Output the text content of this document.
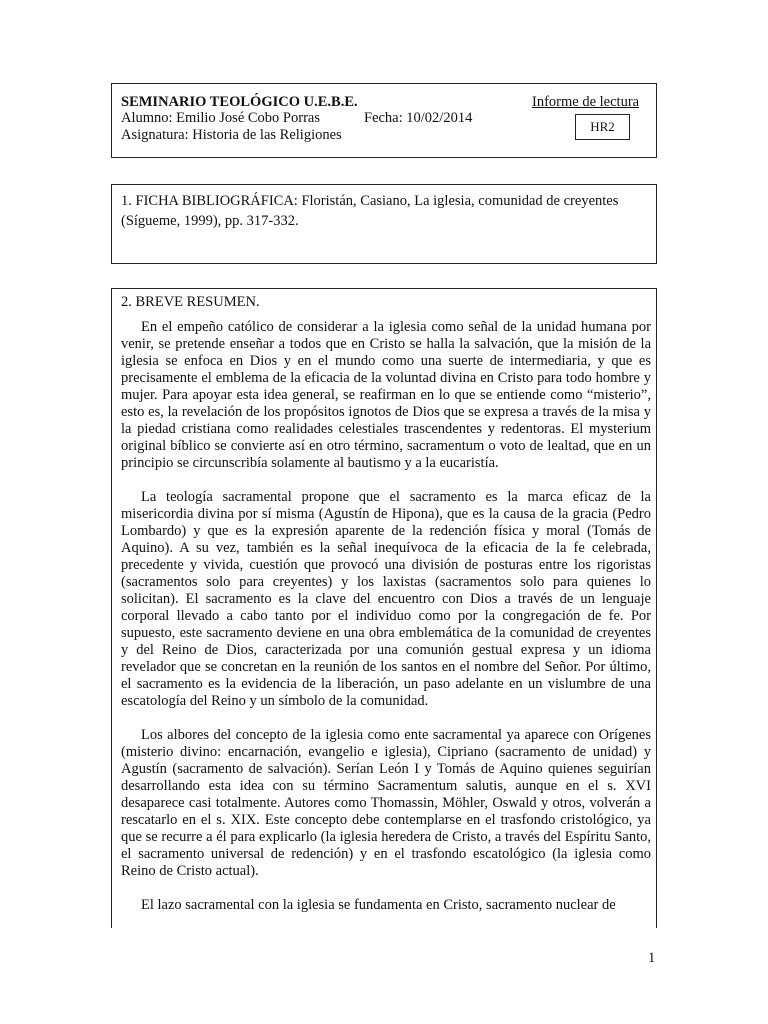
SEMINARIO TEOLÓGICO U.E.B.E.	Informe de lectura
Alumno: Emilio José Cobo Porras	Fecha: 10/02/2014
Asignatura: Historia de las Religiones
HR2
1. FICHA BIBLIOGRÁFICA: Floristán, Casiano, La iglesia, comunidad de creyentes (Sígueme, 1999), pp. 317-332.
2. BREVE RESUMEN.

En el empeño católico de considerar a la iglesia como señal de la unidad humana por venir, se pretende enseñar a todos que en Cristo se halla la salvación, que la misión de la iglesia se enfoca en Dios y en el mundo como una suerte de intermediaria, y que es precisamente el emblema de la eficacia de la voluntad divina en Cristo para todo hombre y mujer. Para apoyar esta idea general, se reafirman en lo que se entiende como “misterio”, esto es, la revelación de los propósitos ignotos de Dios que se expresa a través de la misa y la piedad cristiana como realidades celestiales trascendentes y redentoras. El mysterium original bíblico se convierte así en otro término, sacramentum o voto de lealtad, que en un principio se circunscribía solamente al bautismo y a la eucaristía.

La teología sacramental propone que el sacramento es la marca eficaz de la misericordia divina por sí misma (Agustín de Hipona), que es la causa de la gracia (Pedro Lombardo) y que es la expresión aparente de la redención física y moral (Tomás de Aquino). A su vez, también es la señal inequívoca de la eficacia de la fe celebrada, precedente y vivida, cuestión que provocó una división de posturas entre los rigoristas (sacramentos solo para creyentes) y los laxistas (sacramentos solo para quienes lo solicitan). El sacramento es la clave del encuentro con Dios a través de un lenguaje corporal llevado a cabo tanto por el individuo como por la congregación de fe. Por supuesto, este sacramento deviene en una obra emblemática de la comunidad de creyentes y del Reino de Dios, caracterizada por una comunión gestual expresa y un idioma revelador que se concretan en la reunión de los santos en el nombre del Señor. Por último, el sacramento es la evidencia de la liberación, un paso adelante en un vislumbre de una escatología del Reino y un símbolo de la comunidad.

Los albores del concepto de la iglesia como ente sacramental ya aparece con Orígenes (misterio divino: encarnación, evangelio e iglesia), Cipriano (sacramento de unidad) y Agustín (sacramento de salvación). Serían León I y Tomás de Aquino quienes seguirían desarrollando esta idea con su término Sacramentum salutis, aunque en el s. XVI desaparece casi totalmente. Autores como Thomassin, Möhler, Oswald y otros, volverán a rescatarlo en el s. XIX. Este concepto debe contemplarse en el trasfondo cristológico, ya que se recurre a él para explicarlo (la iglesia heredera de Cristo, a través del Espíritu Santo, el sacramento universal de redención) y en el trasfondo escatológico (la iglesia como Reino de Cristo actual).

El lazo sacramental con la iglesia se fundamenta en Cristo, sacramento nuclear de

1
